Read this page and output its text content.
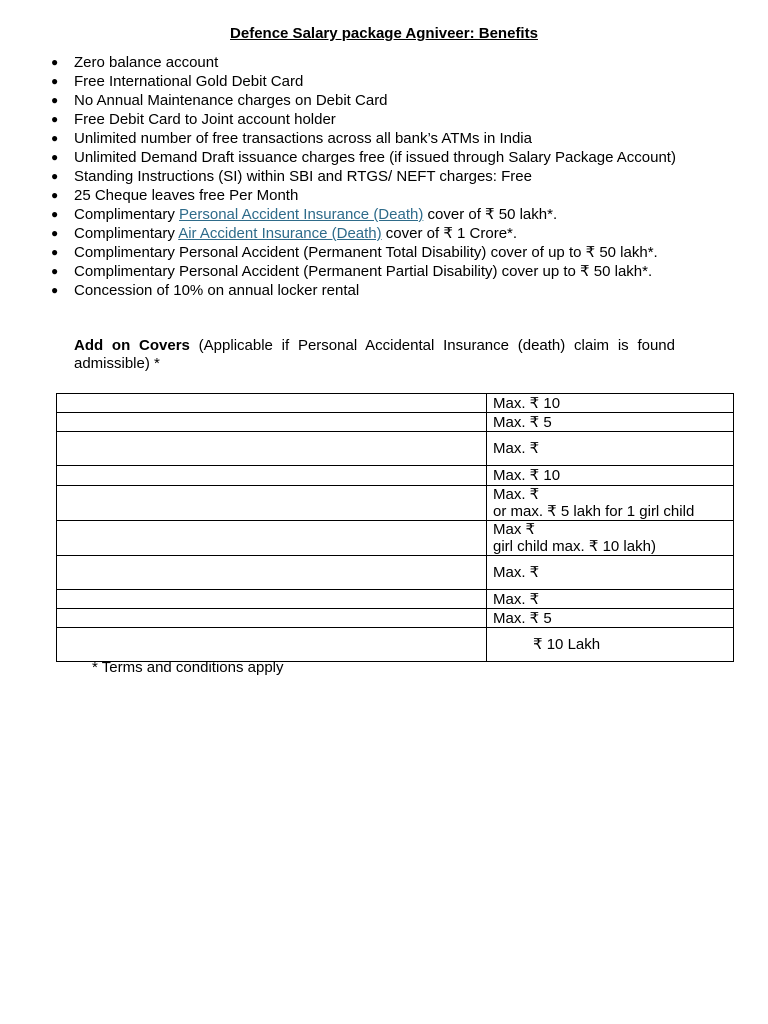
Defence Salary package Agniveer: Benefits
● Zero balance account
● Free International Gold Debit Card
● No Annual Maintenance charges on Debit Card
● Free Debit Card to Joint account holder
● Unlimited number of free transactions across all bank’s ATMs in India
● Unlimited Demand Draft issuance charges free (if issued through Salary Package Account)
● Standing Instructions (SI) within SBI and RTGS/ NEFT charges: Free
● 25 Cheque leaves free Per Month
● Complimentary Personal Accident Insurance (Death) cover of ₹ 50 lakh*.
● Complimentary Air Accident Insurance (Death) cover of ₹ 1 Crore*.
● Complimentary Personal Accident (Permanent Total Disability) cover of up to ₹ 50 lakh*.
● Complimentary Personal Accident (Permanent Partial Disability) cover up to ₹ 50 lakh*.
● Concession of 10% on annual locker rental
Add on Covers (Applicable if Personal Accidental Insurance (death) claim is found admissible) *
	Max. ₹ 10
	Max. ₹ 5
	Max. ₹
	Max. ₹ 10
	Max. ₹
or max. ₹ 5 lakh for 1 girl child
	Max ₹
girl child max. ₹ 10 lakh)
	Max. ₹
	Max. ₹
	Max. ₹ 5
	₹ 10 Lakh
* Terms and conditions apply
